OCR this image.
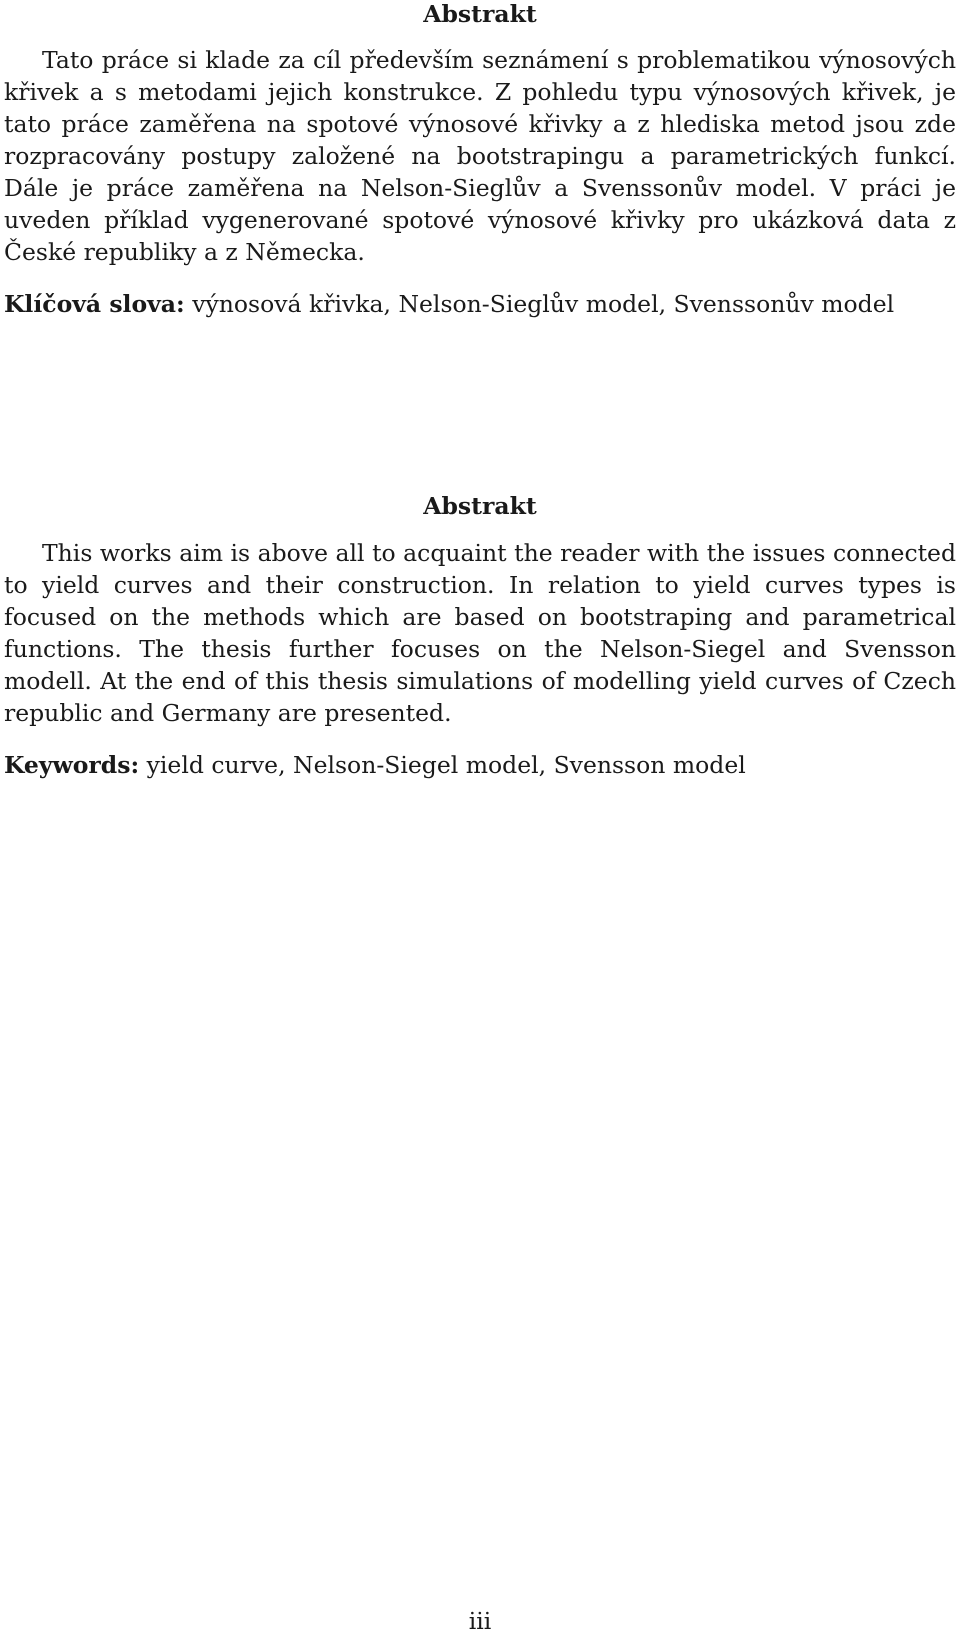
Abstrakt

Tato práce si klade za cíl především seznámení s problematikou výnosových křivek a s metodami jejich konstrukce. Z pohledu typu výnosových křivek, je tato práce zaměřena na spotové výnosové křivky a z hlediska metod jsou zde rozpracovány postupy založené na bootstrapingu a parametrických funkcí. Dále je práce zaměřena na Nelson-Sieglův a Svenssonův model. V práci je uveden příklad vygenerované spotové výnosové křivky pro ukázková data z České republiky a z Německa.

Klíčová slova: výnosová křivka, Nelson-Sieglův model, Svenssonův model

Abstrakt

This works aim is above all to acquaint the reader with the issues connected to yield curves and their construction. In relation to yield curves types is focused on the methods which are based on bootstraping and parametrical functions. The thesis further focuses on the Nelson-Siegel and Svensson modell. At the end of this thesis simulations of modelling yield curves of Czech republic and Germany are presented.

Keywords: yield curve, Nelson-Siegel model, Svensson model

iii
